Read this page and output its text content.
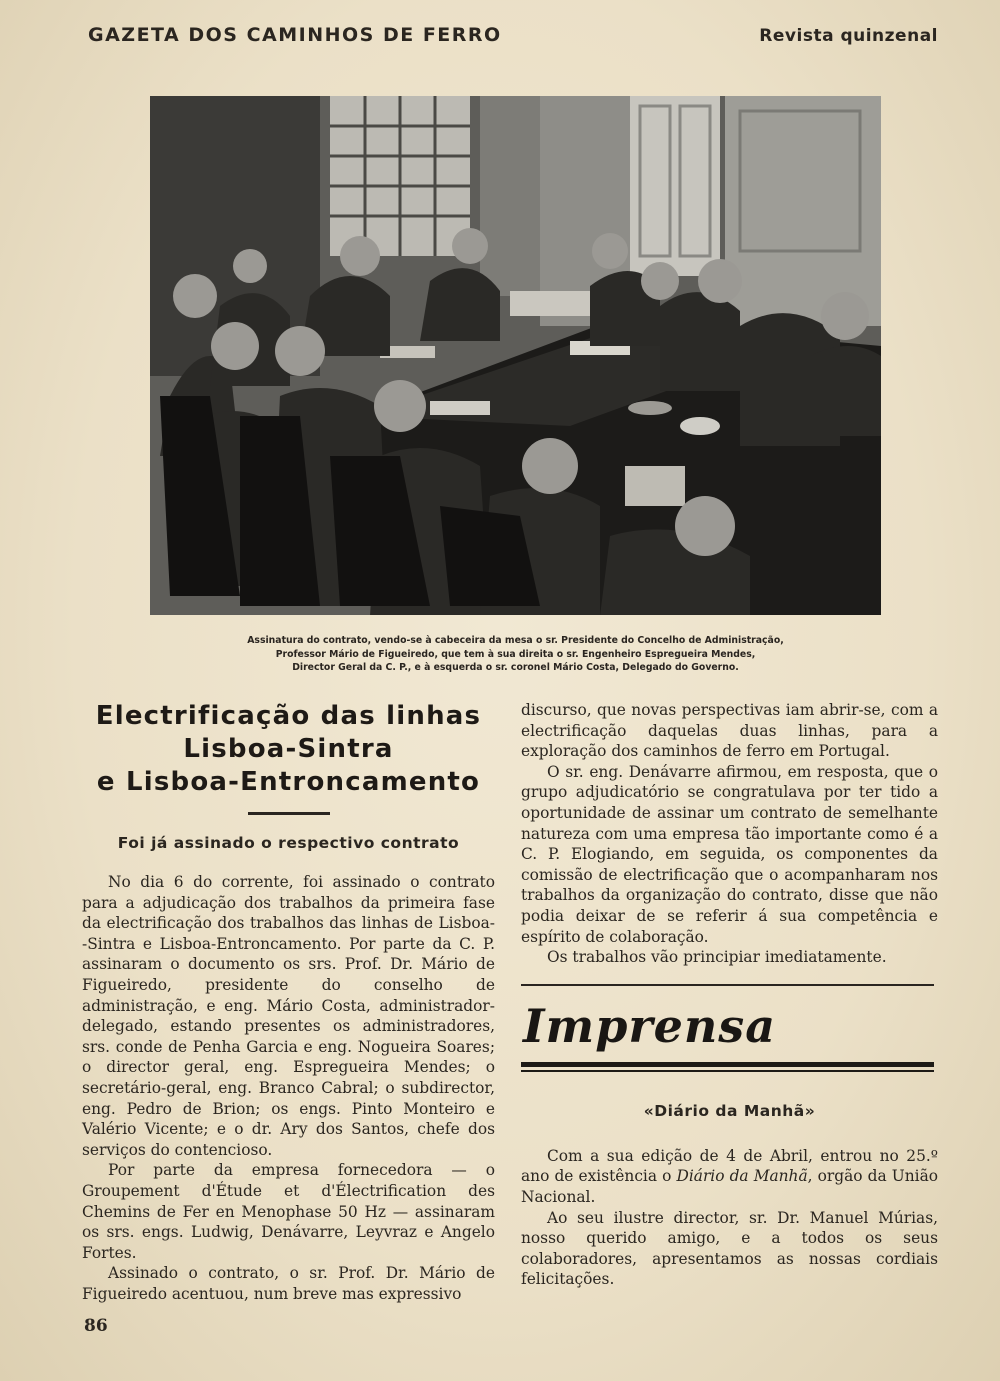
GAZETA DOS CAMINHOS DE FERRO	Revista quinzenal
Assinatura do contrato, vendo-se à cabeceira da mesa o sr. Presidente do Concelho de Administração,
Professor Mário de Figueiredo, que tem à sua direita o sr. Engenheiro Espregueira Mendes,
Director Geral da C. P., e à esquerda o sr. coronel Mário Costa, Delegado do Governo.
Electrificação das linhas
Lisboa-Sintra
e Lisboa-Entroncamento
Foi já assinado o respectivo contrato

No dia 6 do corrente, foi assinado o contrato para a adjudicação dos trabalhos da primeira fase da electrificação dos trabalhos das linhas de Lisboa--Sintra e Lisboa-Entroncamento. Por parte da C. P. assinaram o documento os srs. Prof. Dr. Mário de Figueiredo, presidente do conselho de administração, e eng. Mário Costa, administrador-delegado, estando presentes os administradores, srs. conde de Penha Garcia e eng. Nogueira Soares; o director geral, eng. Espregueira Mendes; o secretário-geral, eng. Branco Cabral; o subdirector, eng. Pedro de Brion; os engs. Pinto Monteiro e Valério Vicente; e o dr. Ary dos Santos, chefe dos serviços do contencioso.

Por parte da empresa fornecedora — o Groupement d'Étude et d'Électrification des Chemins de Fer en Menophase 50 Hz — assinaram os srs. engs. Ludwig, Denávarre, Leyvraz e Angelo Fortes.

Assinado o contrato, o sr. Prof. Dr. Mário de Figueiredo acentuou, num breve mas expressivo

discurso, que novas perspectivas iam abrir-se, com a electrificação daquelas duas linhas, para a exploração dos caminhos de ferro em Portugal.

O sr. eng. Denávarre afirmou, em resposta, que o grupo adjudicatório se congratulava por ter tido a oportunidade de assinar um contrato de semelhante natureza com uma empresa tão importante como é a C. P. Elogiando, em seguida, os componentes da comissão de electrificação que o acompanharam nos trabalhos da organização do contrato, disse que não podia deixar de se referir á sua competência e espírito de colaboração.

Os trabalhos vão principiar imediatamente.

Imprensa
«Diário da Manhã»

Com a sua edição de 4 de Abril, entrou no 25.º ano de existência o Diário da Manhã, orgão da União Nacional.

Ao seu ilustre director, sr. Dr. Manuel Múrias, nosso querido amigo, e a todos os seus colaboradores, apresentamos as nossas cordiais felicitações.

86
